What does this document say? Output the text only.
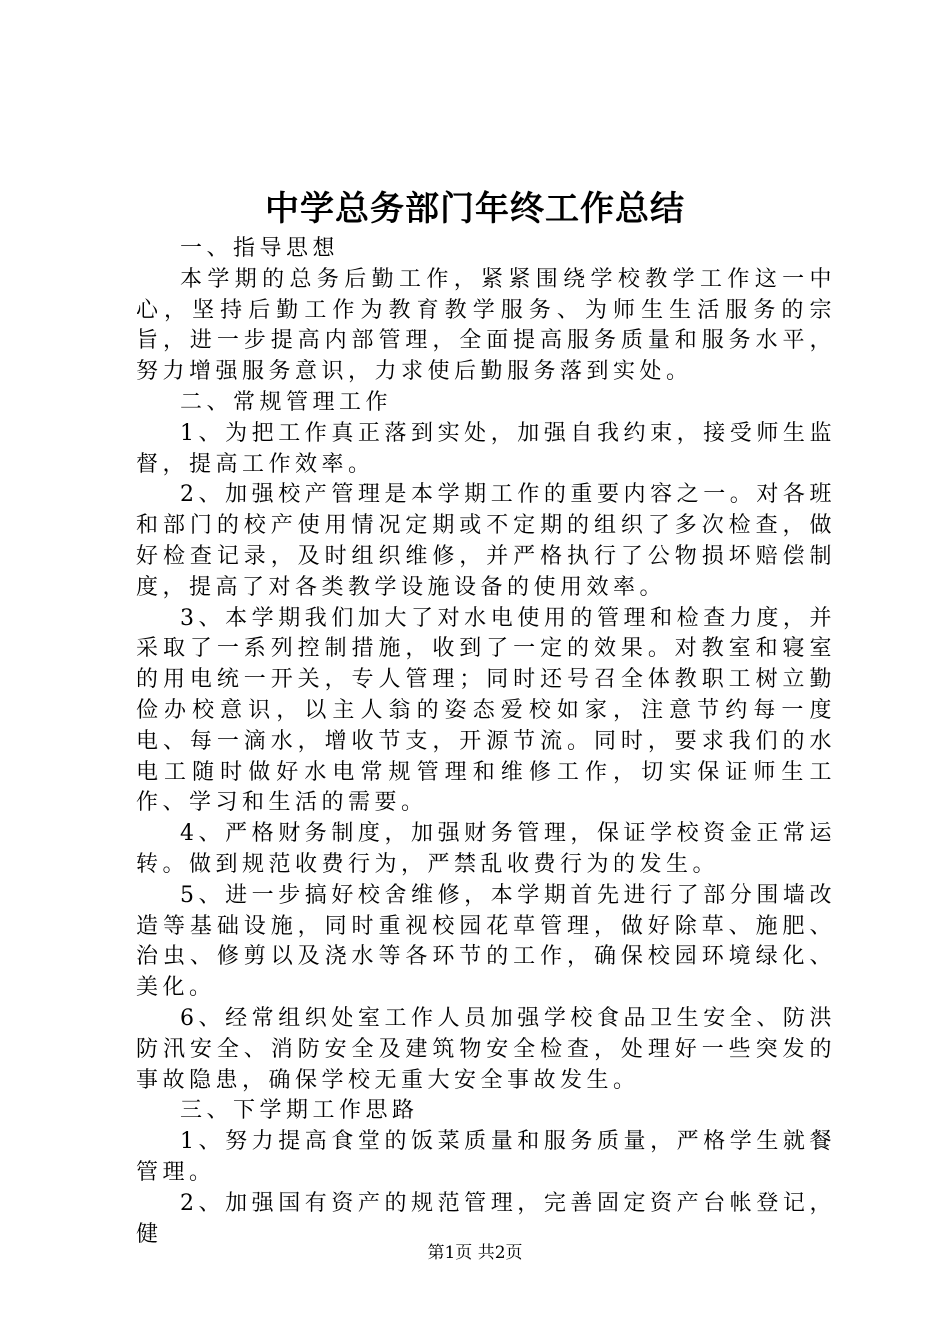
中学总务部门年终工作总结

一、指导思想

本学期的总务后勤工作，紧紧围绕学校教学工作这一中心，坚持后勤工作为教育教学服务、为师生生活服务的宗旨，进一步提高内部管理，全面提高服务质量和服务水平，努力增强服务意识，力求使后勤服务落到实处。

二、常规管理工作

1、为把工作真正落到实处，加强自我约束，接受师生监督，提高工作效率。

2、加强校产管理是本学期工作的重要内容之一。对各班和部门的校产使用情况定期或不定期的组织了多次检查，做好检查记录，及时组织维修，并严格执行了公物损坏赔偿制度，提高了对各类教学设施设备的使用效率。

3、本学期我们加大了对水电使用的管理和检查力度，并采取了一系列控制措施，收到了一定的效果。对教室和寝室的用电统一开关，专人管理；同时还号召全体教职工树立勤俭办校意识，以主人翁的姿态爱校如家，注意节约每一度电、每一滴水，增收节支，开源节流。同时，要求我们的水电工随时做好水电常规管理和维修工作，切实保证师生工作、学习和生活的需要。

4、严格财务制度，加强财务管理，保证学校资金正常运转。做到规范收费行为，严禁乱收费行为的发生。

5、进一步搞好校舍维修，本学期首先进行了部分围墙改造等基础设施，同时重视校园花草管理，做好除草、施肥、治虫、修剪以及浇水等各环节的工作，确保校园环境绿化、美化。

6、经常组织处室工作人员加强学校食品卫生安全、防洪防汛安全、消防安全及建筑物安全检查，处理好一些突发的事故隐患，确保学校无重大安全事故发生。

三、下学期工作思路

1、努力提高食堂的饭菜质量和服务质量，严格学生就餐管理。

2、加强国有资产的规范管理，完善固定资产台帐登记，健

第1页 共2页
